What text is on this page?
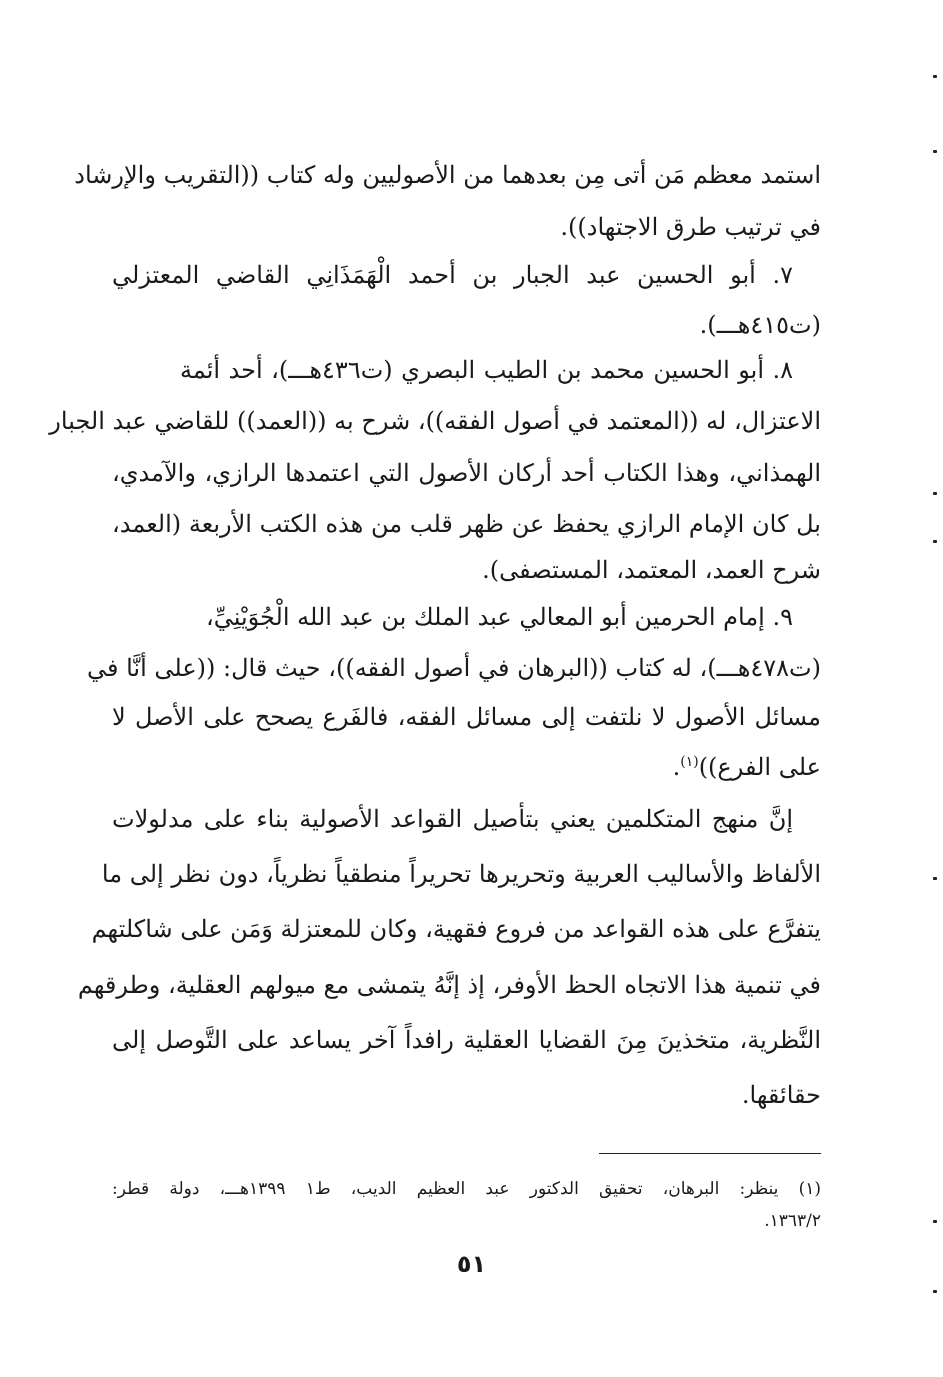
استمد معظم مَن أتى مِن بعدهما من الأصوليين وله كتاب ((التقريب والإرشاد
في ترتيب طرق الاجتهاد)).
٧. أبو الحسين عبد الجبار بن أحمد الْهَمَذَانِي القاضي المعتزلي
(ت٤١٥هـــ).
٨. أبو الحسين محمد بن الطيب البصري (ت٤٣٦هـــ)، أحد أئمة
الاعتزال، له ((المعتمد في أصول الفقه))، شرح به ((العمد)) للقاضي عبد الجبار
الهمذاني، وهذا الكتاب أحد أركان الأصول التي اعتمدها الرازي، والآمدي،
بل كان الإمام الرازي يحفظ عن ظهر قلب من هذه الكتب الأربعة (العمد،
شرح العمد، المعتمد، المستصفى).
٩. إمام الحرمين أبو المعالي عبد الملك بن عبد الله الْجُوَيْنِيِّ،
(ت٤٧٨هـــ)، له كتاب ((البرهان في أصول الفقه))، حيث قال: ((على أنَّا في
مسائل الأصول لا نلتفت إلى مسائل الفقه، فالفَرع يصحح على الأصل لا
على الفرع))$^{(١)}$.
إنَّ منهج المتكلمين يعني بتأصيل القواعد الأصولية بناء على مدلولات
الألفاظ والأساليب العربية وتحريرها تحريراً منطقياً نظرياً، دون نظر إلى ما
يتفرَّع على هذه القواعد من فروع فقهية، وكان للمعتزلة وَمَن على شاكلتهم
في تنمية هذا الاتجاه الحظ الأوفر، إذ إنَّهُ يتمشى مع ميولهم العقلية، وطرقهم
النَّظرية، متخذينَ مِنَ القضايا العقلية رافداً آخر يساعد على التَّوصل إلى
حقائقها.
(١) ينظر: البرهان، تحقيق الدكتور عبد العظيم الديب، ط١ ١٣٩٩هـــ، دولة قطر:
١٣٦٣/٢.
٥١
